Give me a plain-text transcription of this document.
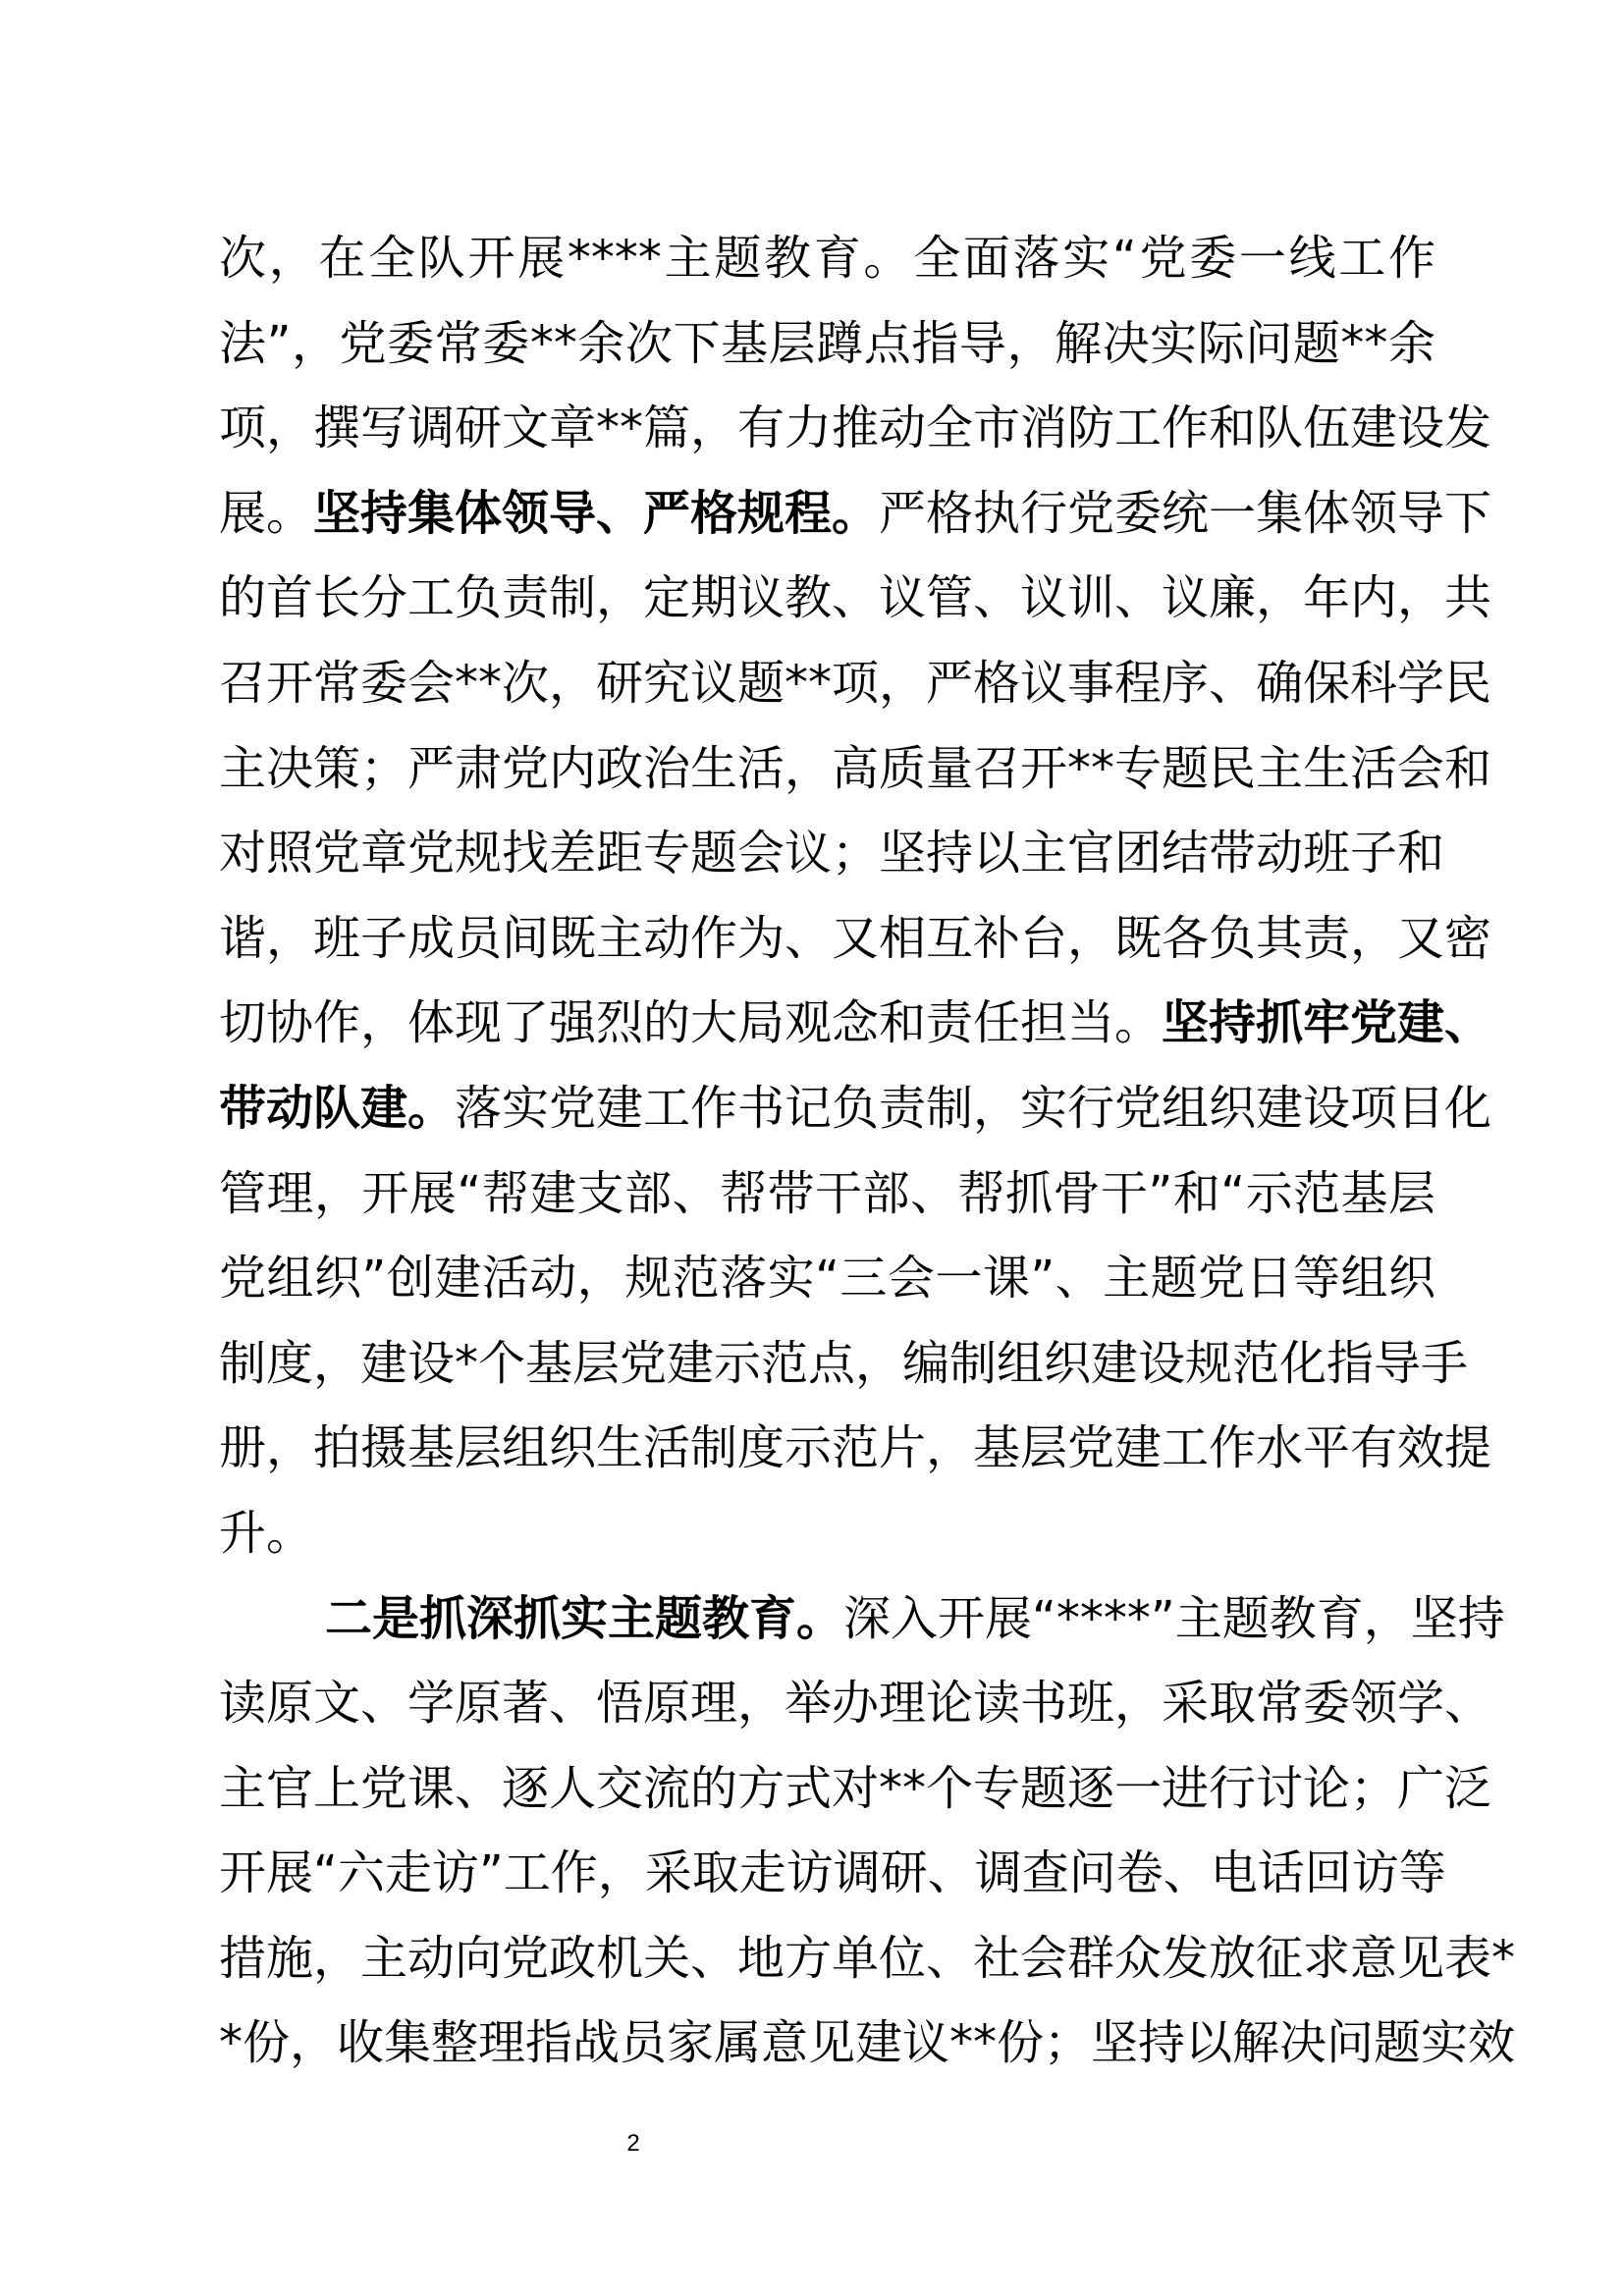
次，在全队开展****主题教育。全面落实“党委一线工作
法”，党委常委**余次下基层蹲点指导，解决实际问题**余
项，撰写调研文章**篇，有力推动全市消防工作和队伍建设发
展。坚持集体领导、严格规程。严格执行党委统一集体领导下
的首长分工负责制，定期议教、议管、议训、议廉，年内，共
召开常委会**次，研究议题**项，严格议事程序、确保科学民
主决策；严肃党内政治生活，高质量召开**专题民主生活会和
对照党章党规找差距专题会议；坚持以主官团结带动班子和
谐，班子成员间既主动作为、又相互补台，既各负其责，又密
切协作，体现了强烈的大局观念和责任担当。坚持抓牢党建、
带动队建。落实党建工作书记负责制，实行党组织建设项目化
管理，开展“帮建支部、帮带干部、帮抓骨干”和“示范基层
党组织”创建活动，规范落实“三会一课”、主题党日等组织
制度，建设*个基层党建示范点，编制组织建设规范化指导手
册，拍摄基层组织生活制度示范片，基层党建工作水平有效提
升。
二是抓深抓实主题教育。深入开展“****”主题教育，坚持
读原文、学原著、悟原理，举办理论读书班，采取常委领学、
主官上党课、逐人交流的方式对**个专题逐一进行讨论；广泛
开展“六走访”工作，采取走访调研、调查问卷、电话回访等
措施，主动向党政机关、地方单位、社会群众发放征求意见表*
*份，收集整理指战员家属意见建议**份；坚持以解决问题实效
2
